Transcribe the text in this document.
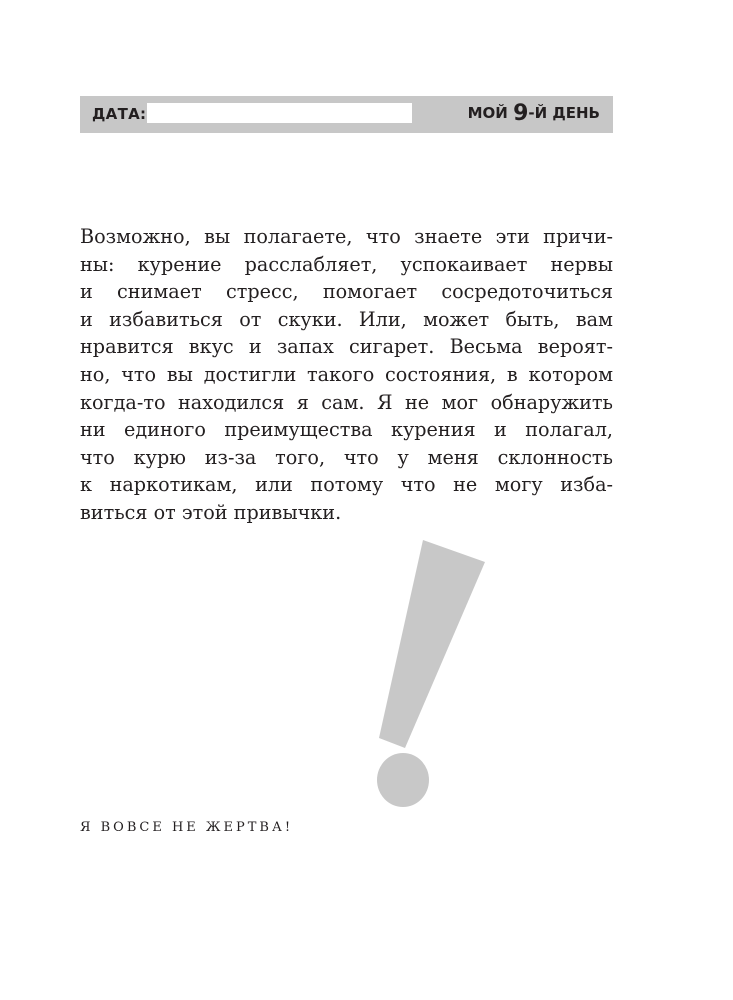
ДАТА:	МОЙ 9-Й ДЕНЬ
Возможно, вы полагаете, что знаете эти причи-
ны: курение расслабляет, успокаивает нервы
и снимает стресс, помогает сосредоточиться
и избавиться от скуки. Или, может быть, вам
нравится вкус и запах сигарет. Весьма вероят-
но, что вы достигли такого состояния, в котором
когда-то находился я сам. Я не мог обнаружить
ни единого преимущества курения и полагал,
что курю из-за того, что у меня склонность
к наркотикам, или потому что не могу изба-
виться от этой привычки.
Я ВОВСЕ НЕ ЖЕРТВА!
